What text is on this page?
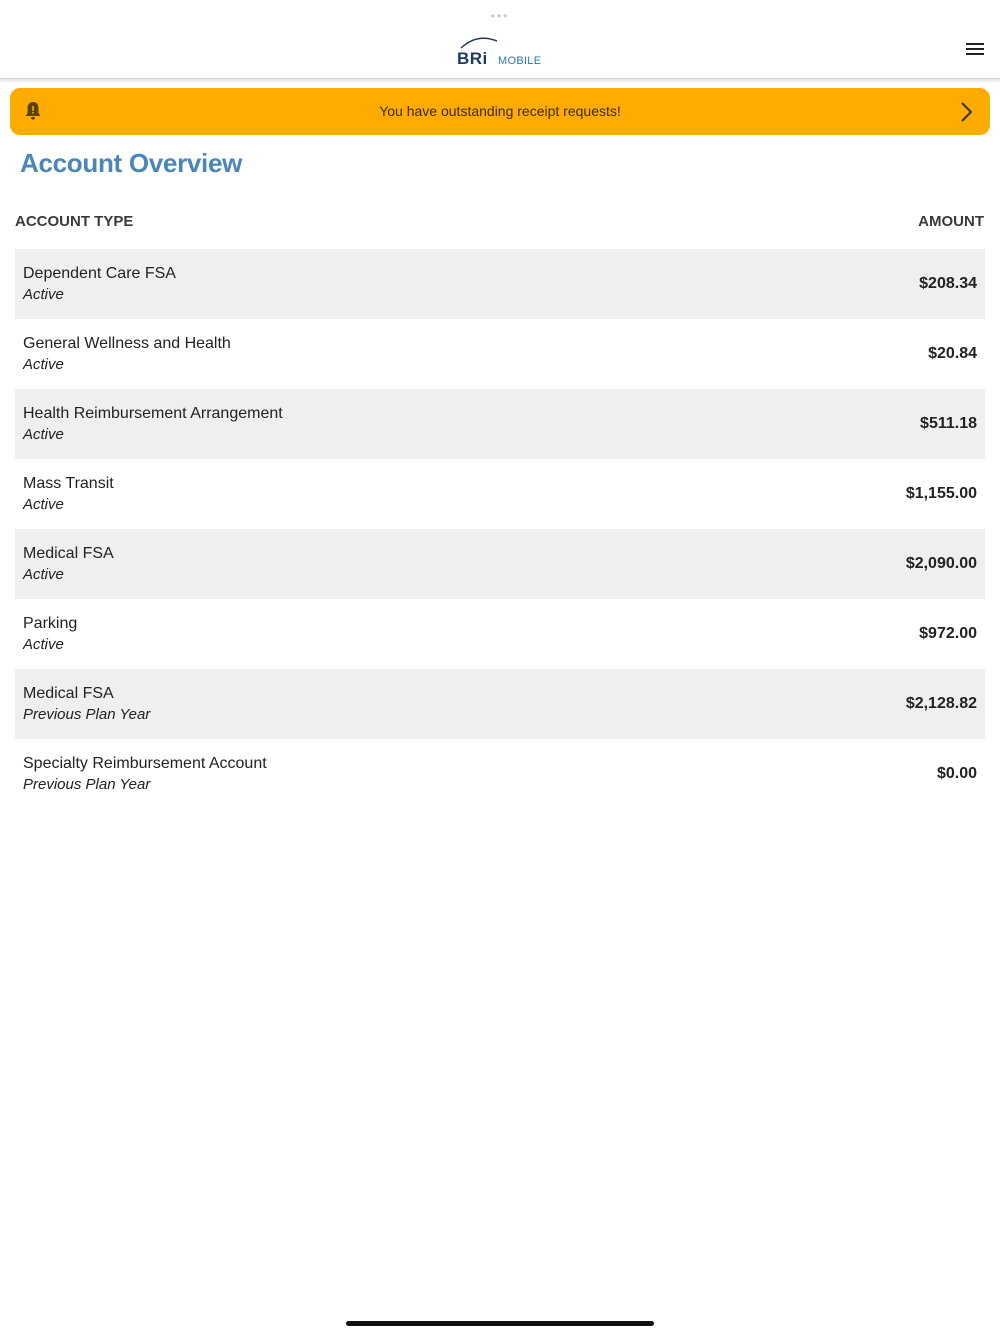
•••
BRi MOBILE
You have outstanding receipt requests!
Account Overview
ACCOUNT TYPE	AMOUNT
Dependent Care FSA
Active
$208.34
General Wellness and Health
Active
$20.84
Health Reimbursement Arrangement
Active
$511.18
Mass Transit
Active
$1,155.00
Medical FSA
Active
$2,090.00
Parking
Active
$972.00
Medical FSA
Previous Plan Year
$2,128.82
Specialty Reimbursement Account
Previous Plan Year
$0.00
